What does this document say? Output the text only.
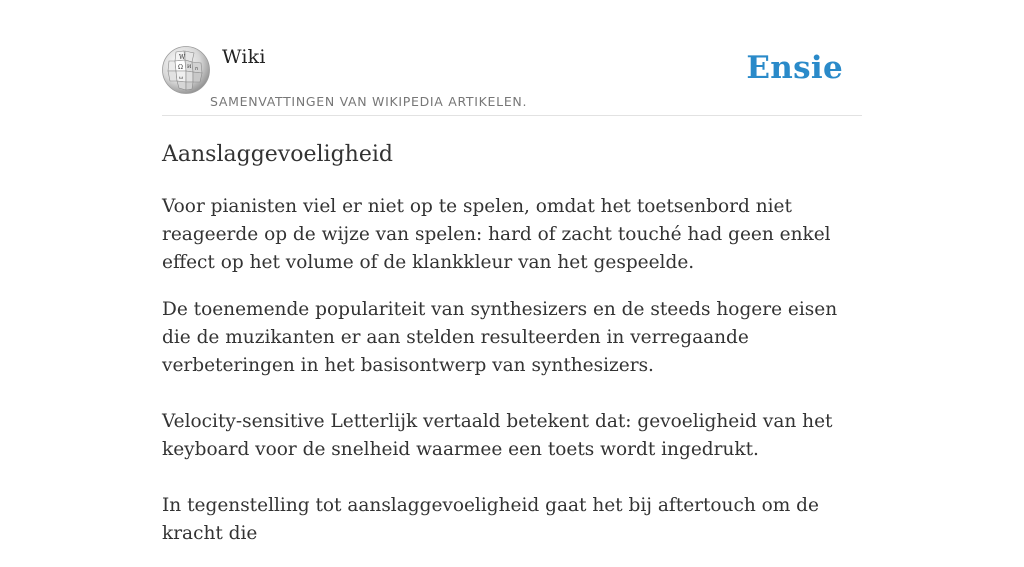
W
Ω И
ω
ก
Wiki
SAMENVATTINGEN VAN WIKIPEDIA ARTIKELEN.
Ensie
Aanslaggevoeligheid

Voor pianisten viel er niet op te spelen, omdat het toetsenbord niet reageerde op de wijze van spelen: hard of zacht touché had geen enkel effect op het volume of de klankkleur van het gespeelde.

De toenemende populariteit van synthesizers en de steeds hogere eisen die de muzikanten er aan stelden resulteerden in verregaande verbeteringen in het basisontwerp van synthesizers.

Velocity-sensitive Letterlijk vertaald betekent dat: gevoeligheid van het keyboard voor de snelheid waarmee een toets wordt ingedrukt.

In tegenstelling tot aanslaggevoeligheid gaat het bij aftertouch om de kracht die
